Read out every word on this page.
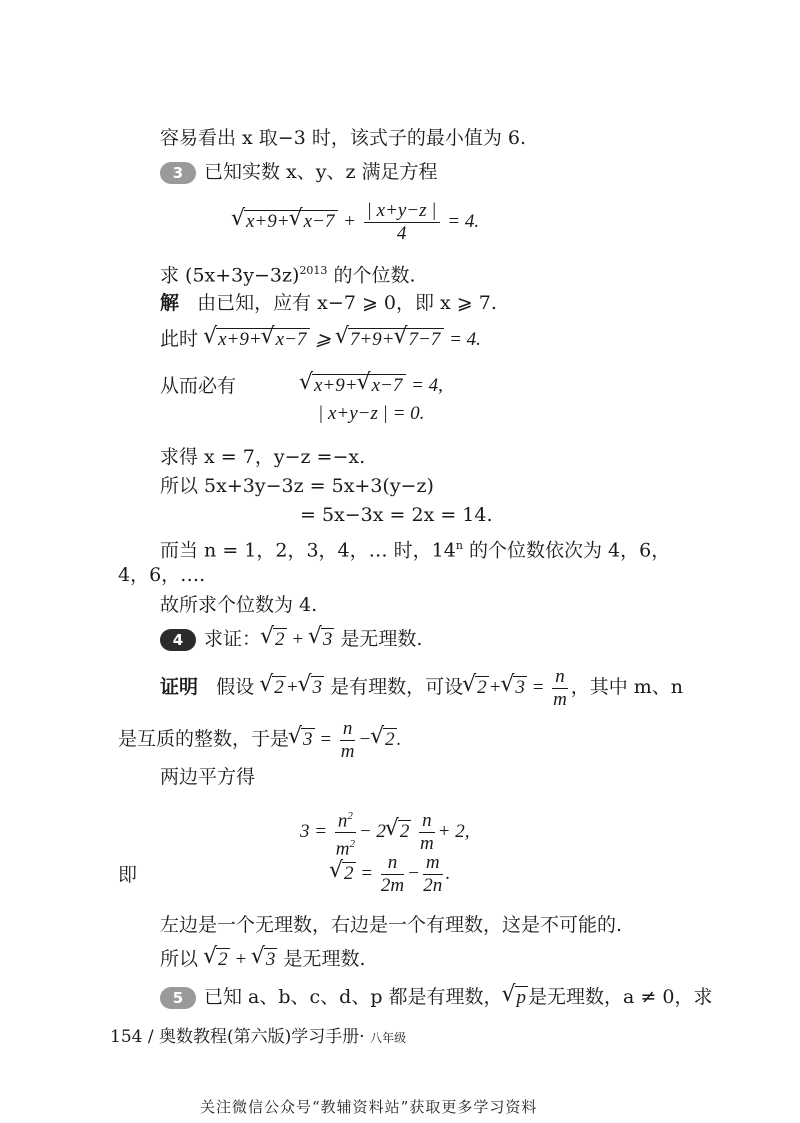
容易看出 x 取−3 时，该式子的最小值为 6.
3 已知实数 x、y、z 满足方程
√ x+9+√ $x-7 + \frac{| x+y-z |}{4} = 4$.
求 $(5x+3y-3z)^{2013}$ 的个位数.
解 由已知，应有 x−7 ⩾ 0，即 x ⩾ 7.
此时 √ x+9+√ x−7 ⩾ √ 7+9+√ 7−7 = 4.
从而必有
√	x+9+√ x−7 = 4,
| x+y−z | = 0.
求得 x = 7，y−z =−x.
所以 5x+3y−3z = 5x+3(y−z)
= 5x−3x = 2x = 14.
而当 n = 1，2，3，4，… 时，14$^n$ 的个位数依次为 4，6，
4，6，….
故所求个位数为 4.
4 求证：√ 2 + √ 3 是无理数.
证明 假设 √ 2 +√ 3 是有理数，可设√ 2 +√ $3 = \frac{n}{m}$ ，其中 m、n
是互质的整数，于是√ $3 = \frac{n}{m}$ −√ 2 .
两边平方得
$3 = \frac{n^2}{m^2} - 2√$ $2 \frac{n}{m} + 2$,
即
√	$2 = \frac{n}{2m} - \frac{m}{2n}$ .
左边是一个无理数，右边是一个有理数，这是不可能的.
所以 √ 2 + √ 3 是无理数.
5 已知 a、b、c、d、p 都是有理数，√ p 是无理数，a ≠ 0，求
154 / 奥数教程(第六版)学习手册· 八年级
关注微信公众号“教辅资料站”获取更多学习资料
